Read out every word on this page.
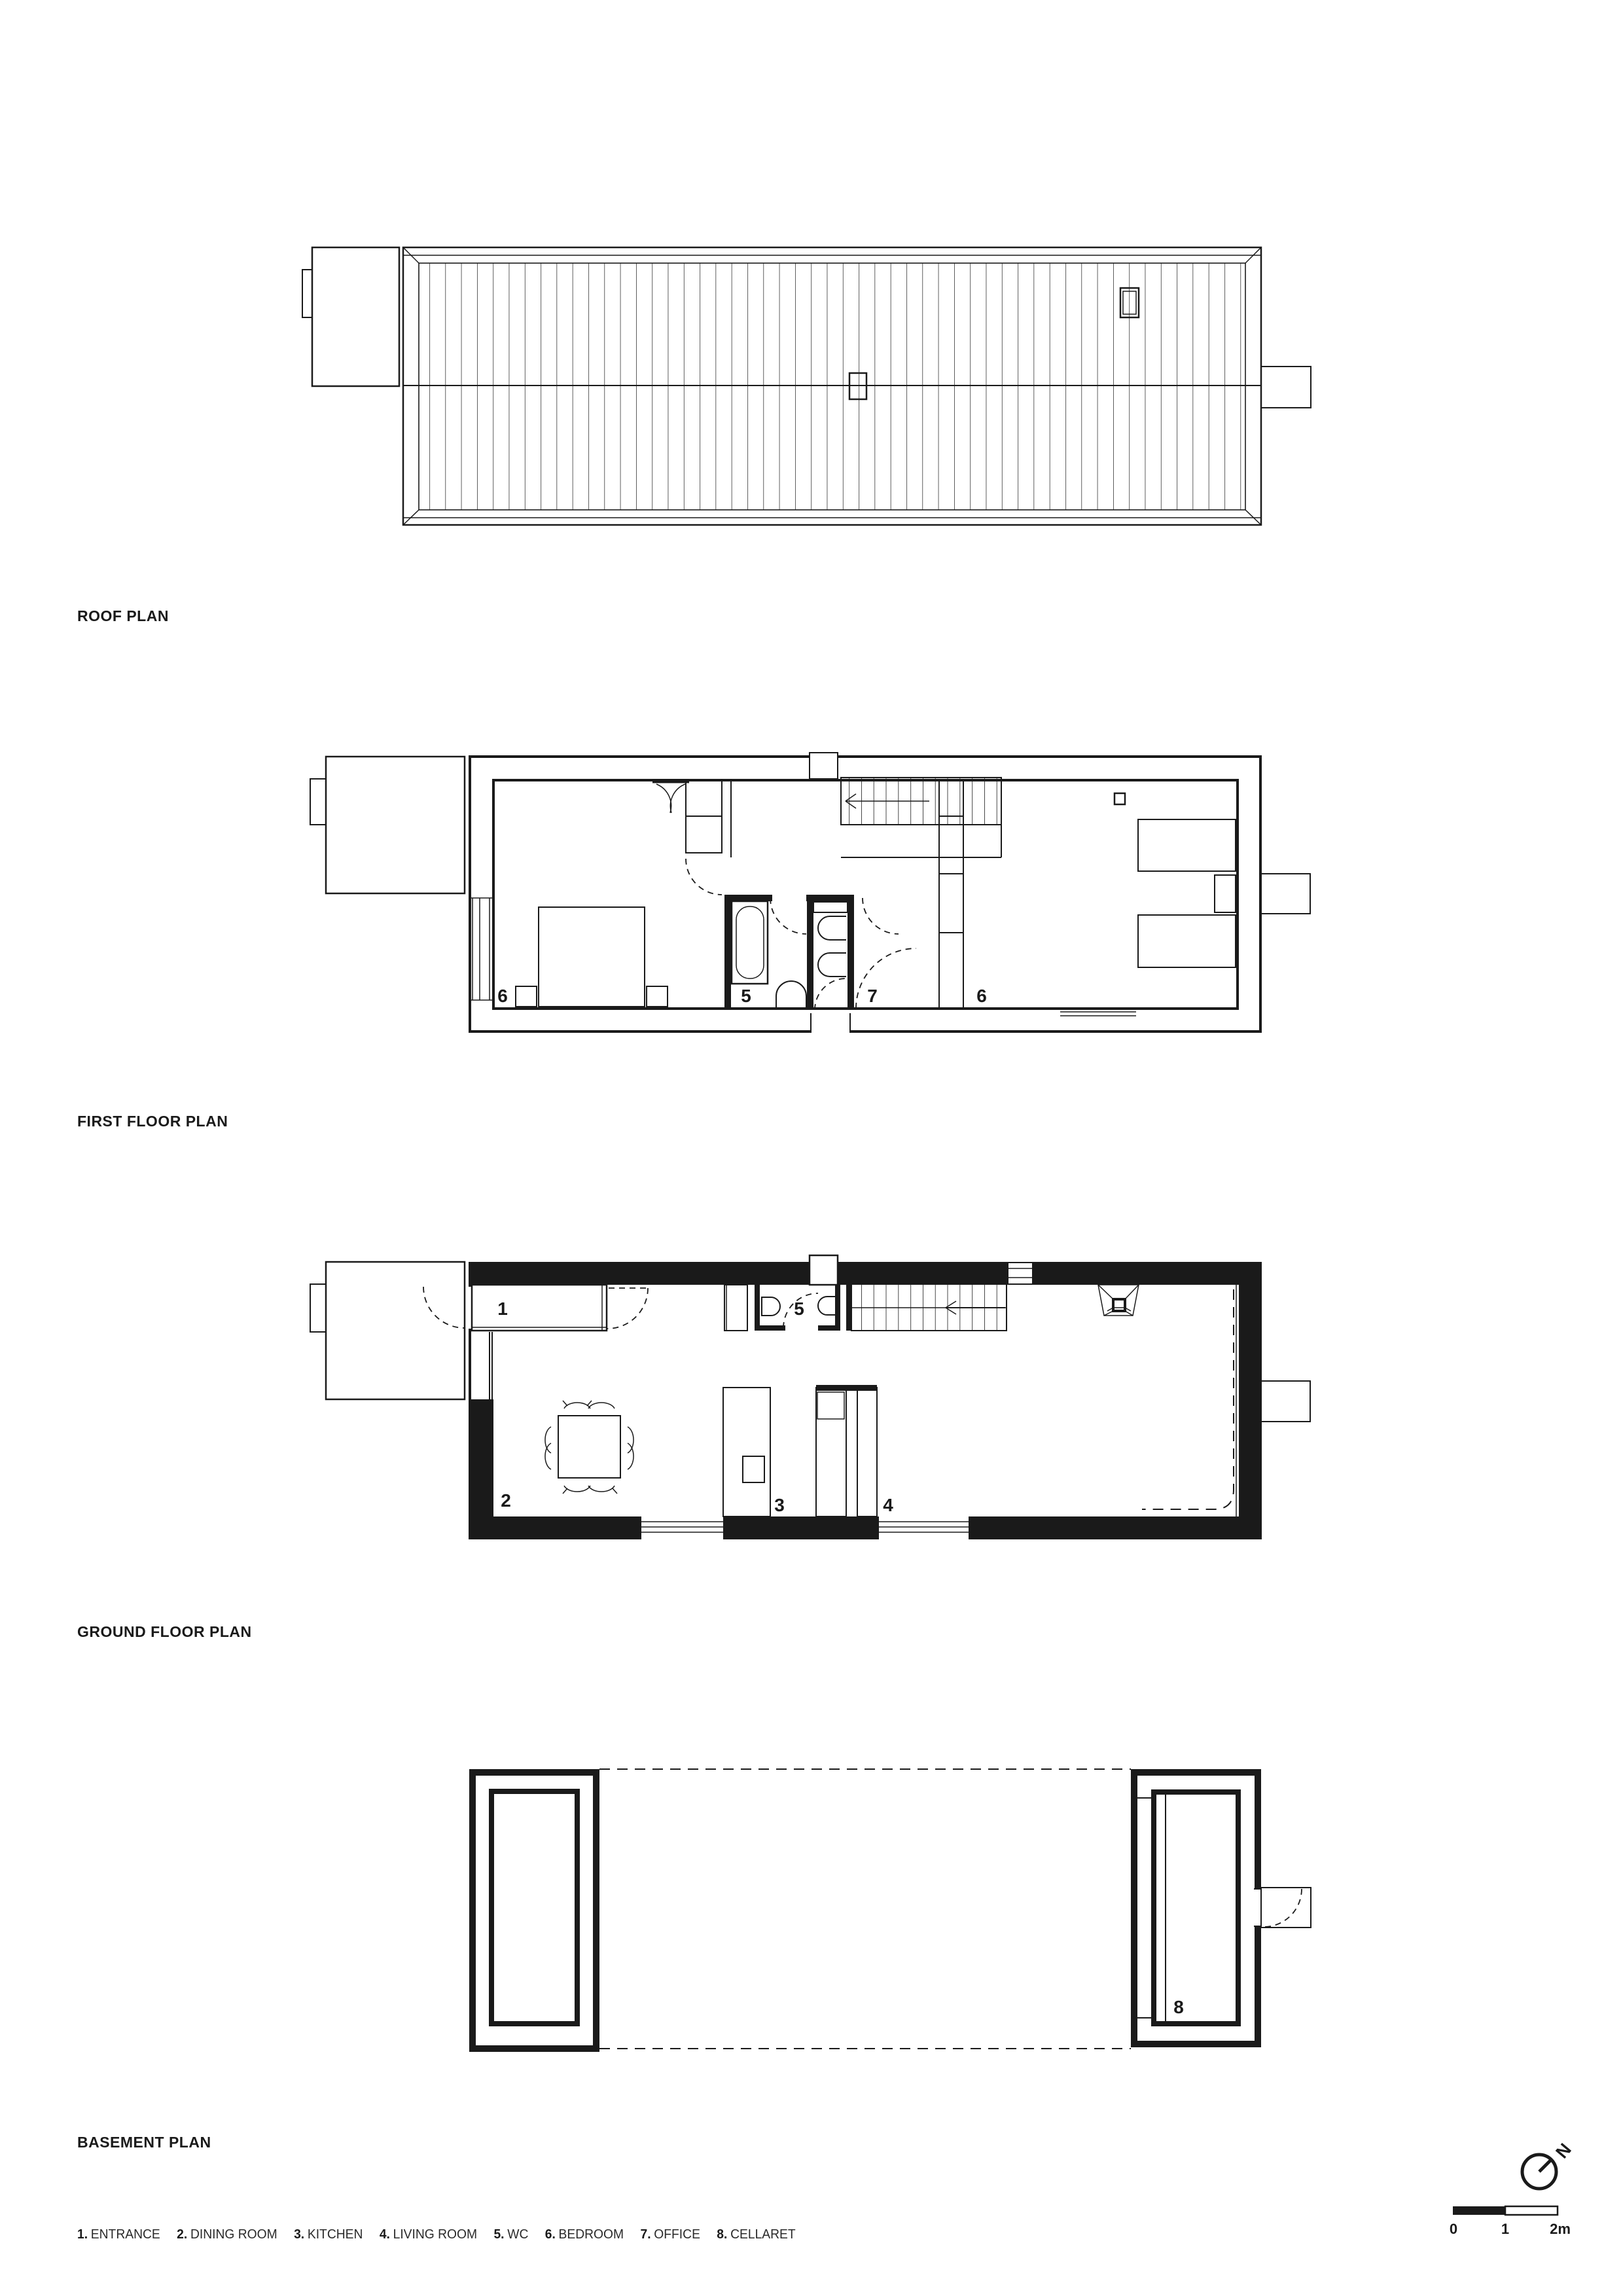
6	5	7	6
1	5
2	3	4
8
N
0	1	2m
ROOF PLAN
FIRST FLOOR PLAN
GROUND FLOOR PLAN
BASEMENT PLAN
1. ENTRANCE 2. DINING ROOM 3. KITCHEN 4. LIVING ROOM 5. WC 6. BEDROOM 7. OFFICE 8. CELLARET
